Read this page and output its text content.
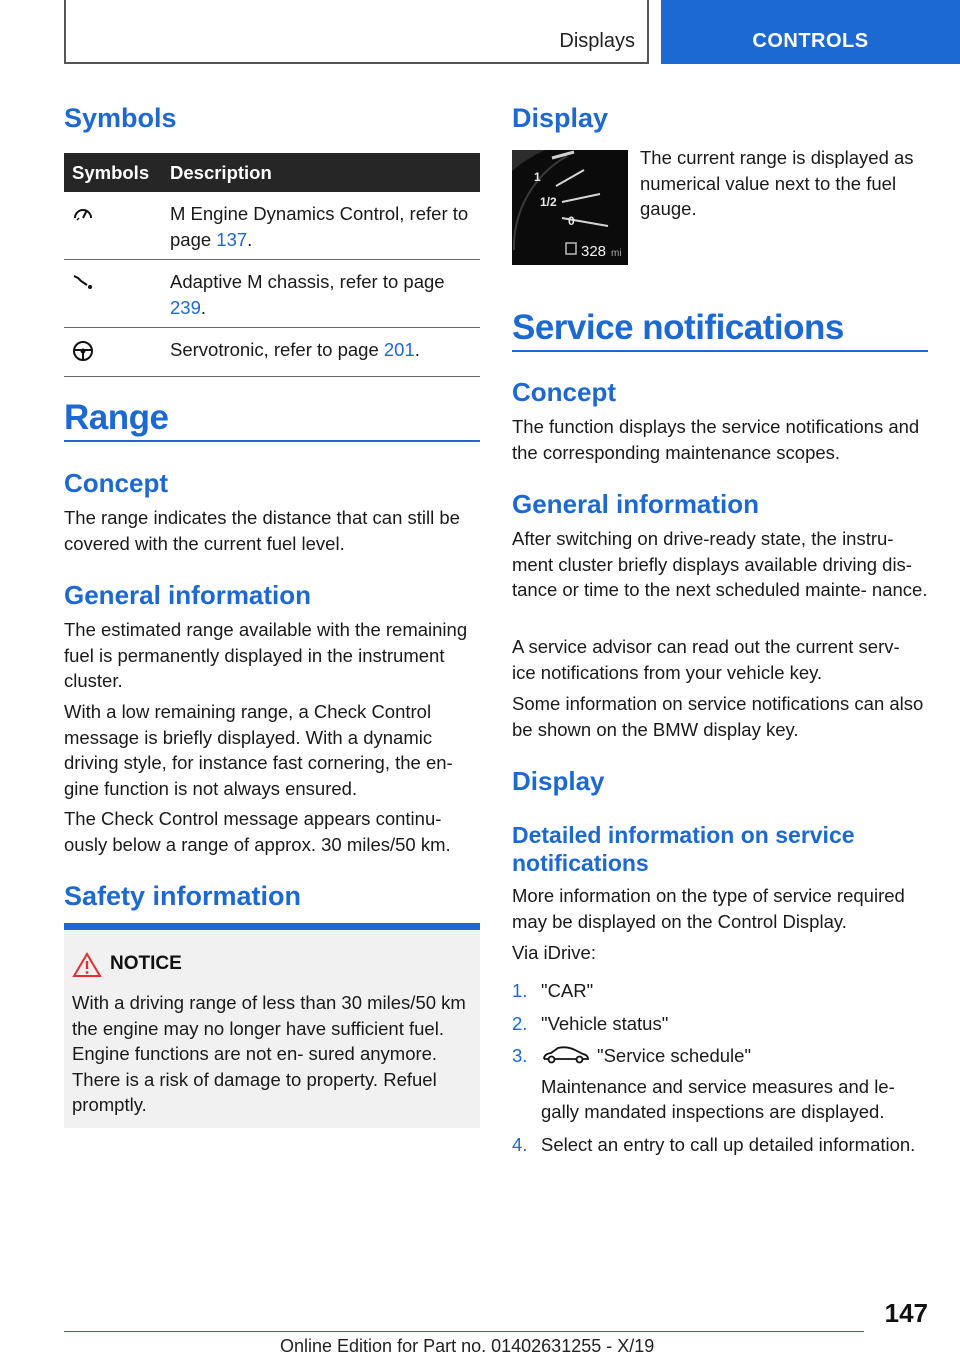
Displays	CONTROLS
Symbols
Symbols	Description
	M Engine Dynamics Control, refer to page 137.
	Adaptive M chassis, refer to page 239.
	Servotronic, refer to page 201.
Range
Concept

The range indicates the distance that can still be covered with the current fuel level.

General information

The estimated range available with the remaining fuel is permanently displayed in the instrument cluster.

With a low remaining range, a Check Control message is briefly displayed. With a dynamic driving style, for instance fast cornering, the en- gine function is not always ensured.

The Check Control message appears continu- ously below a range of approx. 30 miles/50 km.

Safety information
NOTICE

With a driving range of less than 30 miles/50 km the engine may no longer have sufficient fuel. Engine functions are not en- sured anymore. There is a risk of damage to property. Refuel promptly.

Display
1
1/2
0
328 mi

The current range is displayed as numerical value next to the fuel gauge.

Service notifications
Concept

The function displays the service notifications and the corresponding maintenance scopes.

General information

After switching on drive-ready state, the instru- ment cluster briefly displays available driving dis- tance or time to the next scheduled mainte- nance.

A service advisor can read out the current serv- ice notifications from your vehicle key.

Some information on service notifications can also be shown on the BMW display key.

Display
Detailed information on service notifications

More information on the type of service required may be displayed on the Control Display.

Via iDrive:

1. "CAR"
2. "Vehicle status"
3.	"Service schedule"
Maintenance and service measures and le- gally mandated inspections are displayed.
4. Select an entry to call up detailed information.
147
Online Edition for Part no. 01402631255 - X/19
